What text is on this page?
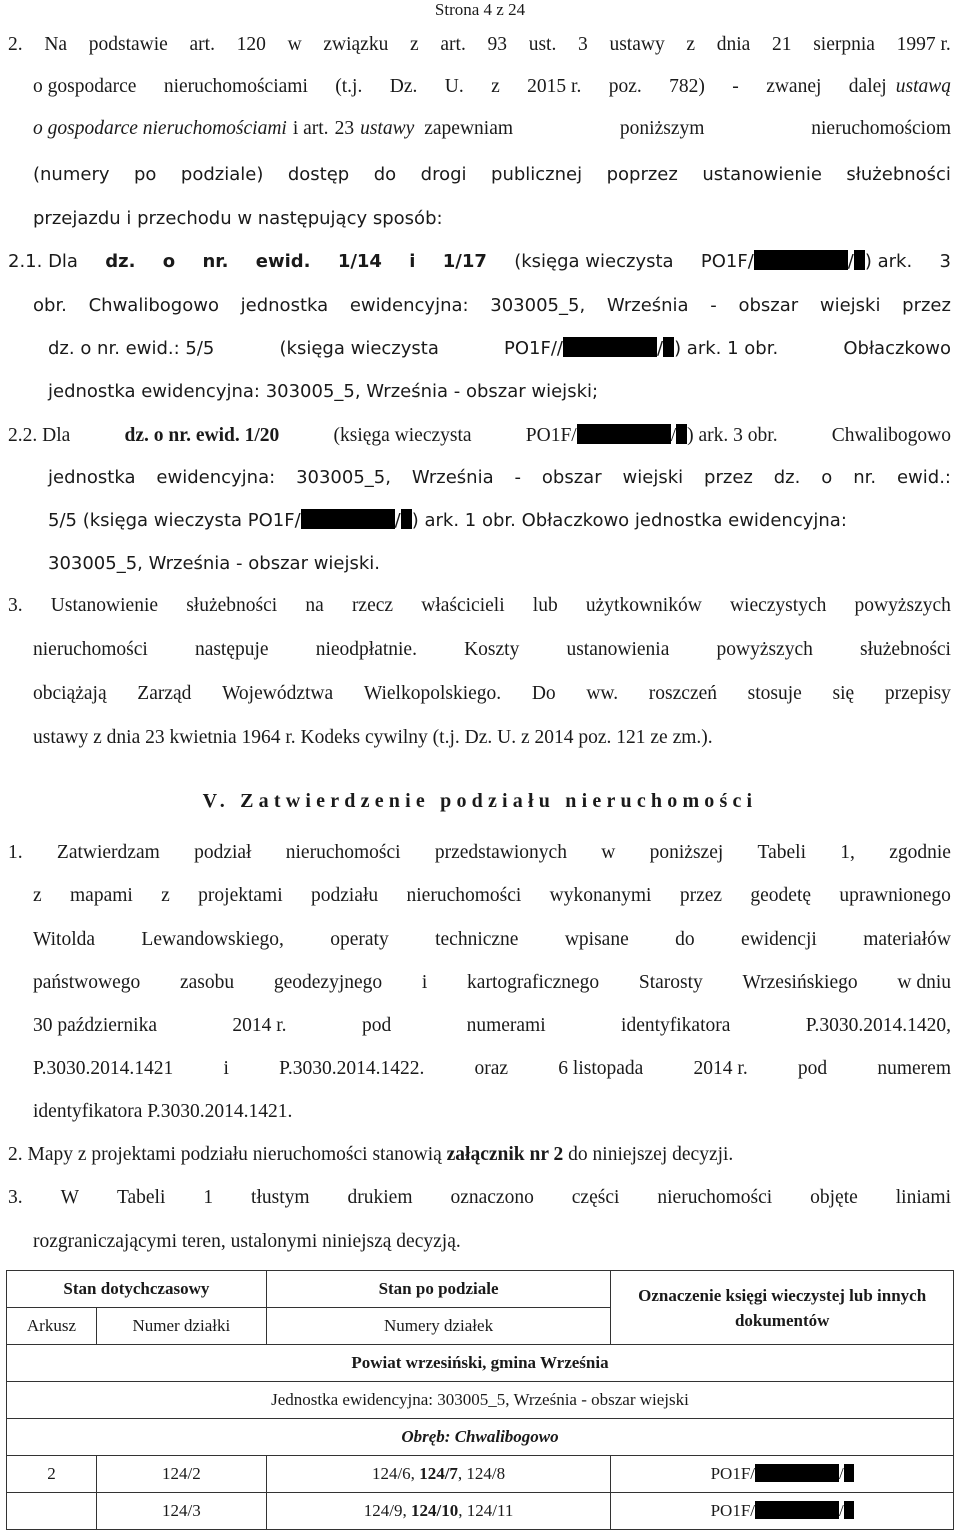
Strona 4 z 24
2. Na podstawie art. 120 w związku z art. 93 ust. 3 ustawy z dnia 21 sierpnia 1997 r.
o gospodarce nieruchomościami (t.j. Dz. U. z 2015 r. poz. 782) - zwanej dalej ustawą
o gospodarce nieruchomościami i art. 23 ustawy zapewniam	poniższym	nieruchomościom
(numery po podziale) dostęp do drogi publicznej poprzez ustanowienie służebności
przejazdu i przechodu w następujący sposób:
2.1. Dla dz. o nr. ewid. 1/14 i 1/17 (księga wieczysta PO1F/	/ ) ark. 3
obr. Chwalibogowo jednostka ewidencyjna: 303005_5, Września - obszar wiejski przez
dz. o nr. ewid.: 5/5	(księga wieczysta	PO1F//	/ ) ark. 1 obr.	Obłaczkowo
jednostka ewidencyjna: 303005_5, Września - obszar wiejski;
2.2. Dla	dz. o nr. ewid. 1/20	(księga wieczysta	PO1F/	/ ) ark. 3 obr.	Chwalibogowo
jednostka ewidencyjna: 303005_5, Września - obszar wiejski przez dz. o nr. ewid.:
5/5 (księga wieczysta PO1F/	/ ) ark. 1 obr. Obłaczkowo jednostka ewidencyjna:
303005_5, Września - obszar wiejski.
3. Ustanowienie służebności na rzecz właścicieli lub użytkowników wieczystych powyższych
nieruchomości następuje nieodpłatnie. Koszty ustanowienia powyższych służebności
obciążają Zarząd Województwa Wielkopolskiego. Do ww. roszczeń stosuje się przepisy
ustawy z dnia 23 kwietnia 1964 r. Kodeks cywilny (t.j. Dz. U. z 2014 poz. 121 ze zm.).
V. Zatwierdzenie podziału nieruchomości
1. Zatwierdzam podział nieruchomości przedstawionych w poniższej Tabeli 1, zgodnie
z mapami z projektami podziału nieruchomości wykonanymi przez geodetę uprawnionego
Witolda Lewandowskiego, operaty techniczne wpisane do ewidencji materiałów
państwowego zasobu geodezyjnego i kartograficznego Starosty Wrzesińskiego w dniu
30 października	2014 r.	pod	numerami	identyfikatora	P.3030.2014.1420,
P.3030.2014.1421	i	P.3030.2014.1422.	oraz	6 listopada	2014 r.	pod	numerem
identyfikatora P.3030.2014.1421.
2. Mapy z projektami podziału nieruchomości stanowią załącznik nr 2 do niniejszej decyzji.
3. W Tabeli 1 tłustym drukiem oznaczono części nieruchomości objęte liniami
rozgraniczającymi teren, ustalonymi niniejszą decyzją.
Stan dotychczasowy		Stan po podziale	Oznaczenie księgi wieczystej lub innych dokumentów
Arkusz	Numer działki	Numery działek	
Powiat wrzesiński, gmina Września			
Jednostka ewidencyjna: 303005_5, Września - obszar wiejski			
Obręb: Chwalibogowo			
2	124/2	124/6, 124/7, 124/8	PO1F/ /
	124/3	124/9, 124/10, 124/11	PO1F/ /
